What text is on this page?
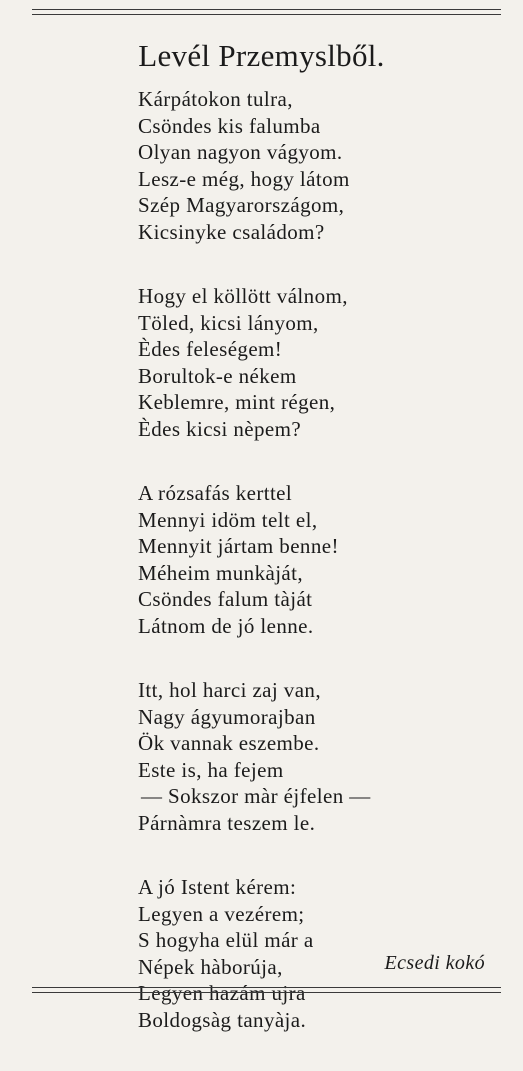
Levél Przemyslből.
Kárpátokon tulra,
Csöndes kis falumba
Olyan nagyon vágyom.
Lesz-e még, hogy látom
Szép Magyarországom,
Kicsinyke családom?
Hogy el köllött válnom,
Töled, kicsi lányom,
Èdes feleségem!
Borultok-e nékem
Keblemre, mint régen,
Èdes kicsi nèpem?
A rózsafás kerttel
Mennyi idöm telt el,
Mennyit jártam benne!
Méheim munkàját,
Csöndes falum tàját
Látnom de jó lenne.
Itt, hol harci zaj van,
Nagy ágyumorajban
Ök vannak eszembe.
Este is, ha fejem
— Sokszor màr éjfelen —
Párnàmra teszem le.
A jó Istent kérem:
Legyen a vezérem;
S hogyha elül már a
Népek hàborúja,
Legyen hazám ujra
Boldogsàg tanyàja.
Ecsedi kokó
